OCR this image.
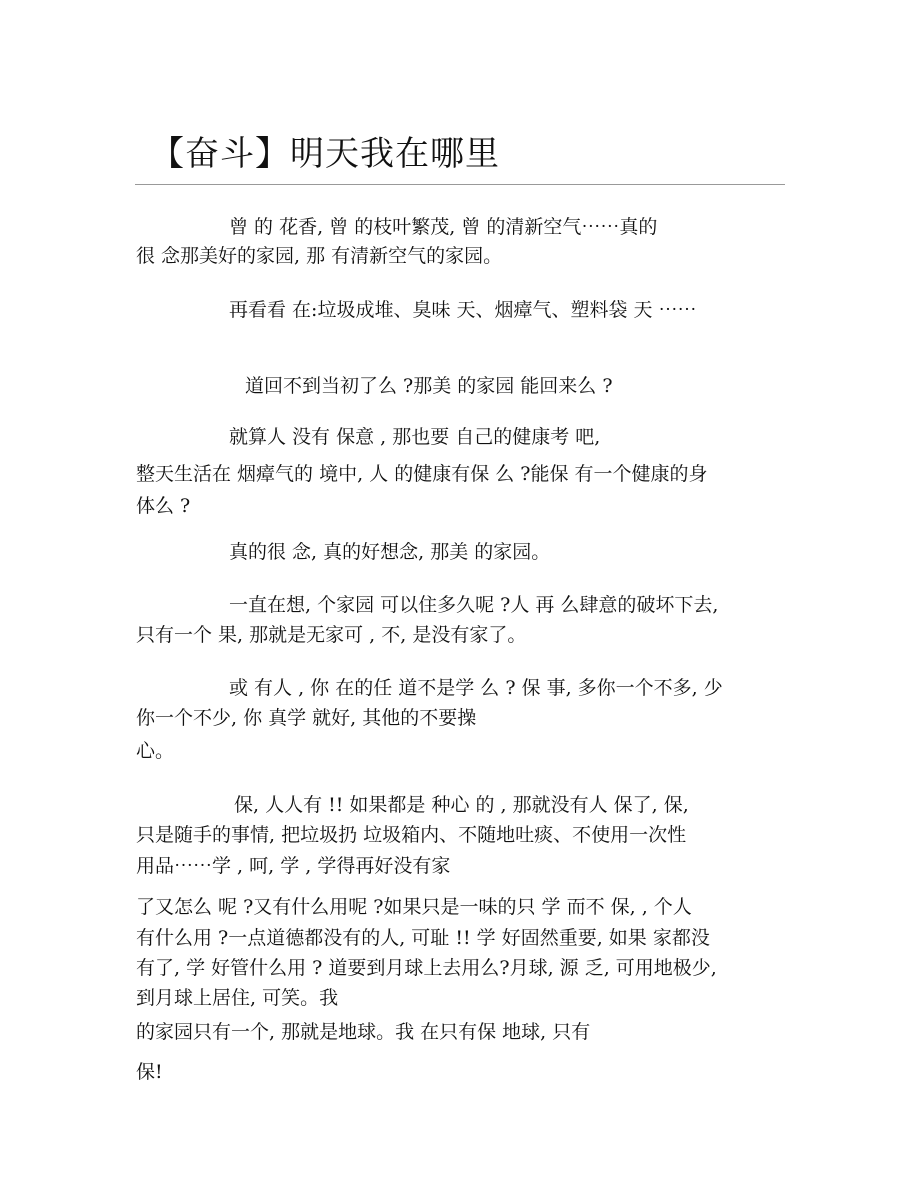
【奋斗】明天我在哪里
曾 的 花香, 曾 的枝叶繁茂, 曾 的清新空气⋯⋯真的
很 念那美好的家园, 那 有清新空气的家园。
再看看 在:垃圾成堆、臭味 天、烟瘴气、塑料袋 天 ⋯⋯
道回不到当初了么 ?那美 的家园 能回来么 ?
就算人 没有 保意 , 那也要 自己的健康考 吧,
整天生活在 烟瘴气的 境中, 人 的健康有保 么 ?能保 有一个健康的身
体么 ?
真的很 念, 真的好想念, 那美 的家园。
一直在想, 个家园 可以住多久呢 ?人 再 么肆意的破坏下去,
只有一个 果, 那就是无家可 , 不, 是没有家了。
或 有人 , 你 在的任 道不是学 么 ? 保 事, 多你一个不多, 少
你一个不少, 你 真学 就好, 其他的不要操
心。
保, 人人有 !! 如果都是 种心 的 , 那就没有人 保了, 保,
只是随手的事情, 把垃圾扔 垃圾箱内、不随地吐痰、不使用一次性
用品⋯⋯学 , 呵, 学 , 学得再好没有家
了又怎么 呢 ?又有什么用呢 ?如果只是一味的只 学 而不 保, , 个人
有什么用 ?一点道德都没有的人, 可耻 !! 学 好固然重要, 如果 家都没
有了, 学 好管什么用 ? 道要到月球上去用么?月球, 源 乏, 可用地极少,
到月球上居住, 可笑。我
的家园只有一个, 那就是地球。我 在只有保 地球, 只有
保!
